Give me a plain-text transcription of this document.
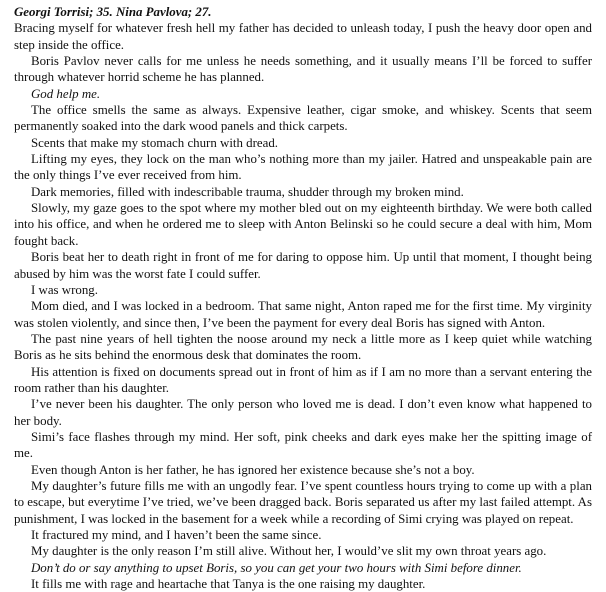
Georgi Torrisi; 35. Nina Pavlova; 27.

Bracing myself for whatever fresh hell my father has decided to unleash today, I push the heavy door open and step inside the office.

Boris Pavlov never calls for me unless he needs something, and it usually means I’ll be forced to suffer through whatever horrid scheme he has planned.

God help me.

The office smells the same as always. Expensive leather, cigar smoke, and whiskey. Scents that seem permanently soaked into the dark wood panels and thick carpets.

Scents that make my stomach churn with dread.

Lifting my eyes, they lock on the man who’s nothing more than my jailer. Hatred and unspeakable pain are the only things I’ve ever received from him.

Dark memories, filled with indescribable trauma, shudder through my broken mind.

Slowly, my gaze goes to the spot where my mother bled out on my eighteenth birthday. We were both called into his office, and when he ordered me to sleep with Anton Belinski so he could secure a deal with him, Mom fought back.

Boris beat her to death right in front of me for daring to oppose him. Up until that moment, I thought being abused by him was the worst fate I could suffer.

I was wrong.

Mom died, and I was locked in a bedroom. That same night, Anton raped me for the first time. My virginity was stolen violently, and since then, I’ve been the payment for every deal Boris has signed with Anton.

The past nine years of hell tighten the noose around my neck a little more as I keep quiet while watching Boris as he sits behind the enormous desk that dominates the room.

His attention is fixed on documents spread out in front of him as if I am no more than a servant entering the room rather than his daughter.

I’ve never been his daughter. The only person who loved me is dead. I don’t even know what happened to her body.

Simi’s face flashes through my mind. Her soft, pink cheeks and dark eyes make her the spitting image of me.

Even though Anton is her father, he has ignored her existence because she’s not a boy.

My daughter’s future fills me with an ungodly fear. I’ve spent countless hours trying to come up with a plan to escape, but everytime I’ve tried, we’ve been dragged back. Boris separated us after my last failed attempt. As punishment, I was locked in the basement for a week while a recording of Simi crying was played on repeat.

It fractured my mind, and I haven’t been the same since.

My daughter is the only reason I’m still alive. Without her, I would’ve slit my own throat years ago.

Don’t do or say anything to upset Boris, so you can get your two hours with Simi before dinner.

It fills me with rage and heartache that Tanya is the one raising my daughter.
